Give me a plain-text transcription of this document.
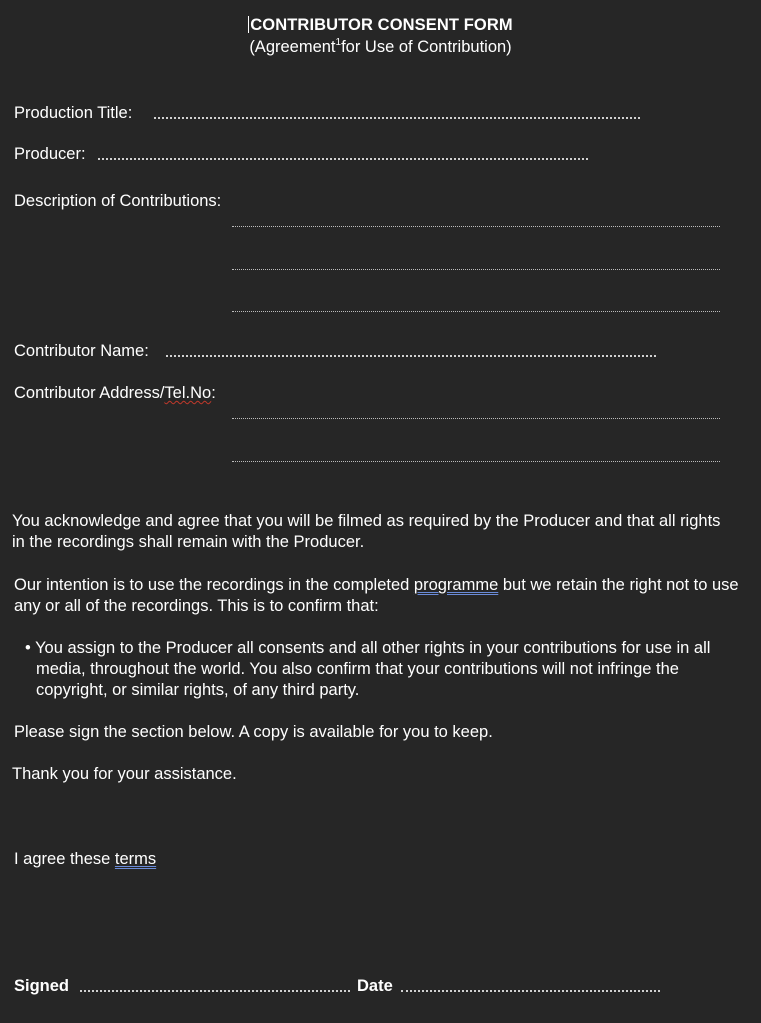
CONTRIBUTOR CONSENT FORM
(Agreement$^1$for Use of Contribution)
Production Title:
Producer:
Description of Contributions:
Contributor Name:
Contributor Address/Tel.No:
You acknowledge and agree that you will be filmed as required by the Producer and that all rights in the recordings shall remain with the Producer.
Our intention is to use the recordings in the completed programme but we retain the right not to use any or all of the recordings. This is to confirm that:
• You assign to the Producer all consents and all other rights in your contributions for use in all media, throughout the world. You also confirm that your contributions will not infringe the copyright, or similar rights, of any third party.
Please sign the section below. A copy is available for you to keep.
Thank you for your assistance.
I agree these terms
Signed	Date
